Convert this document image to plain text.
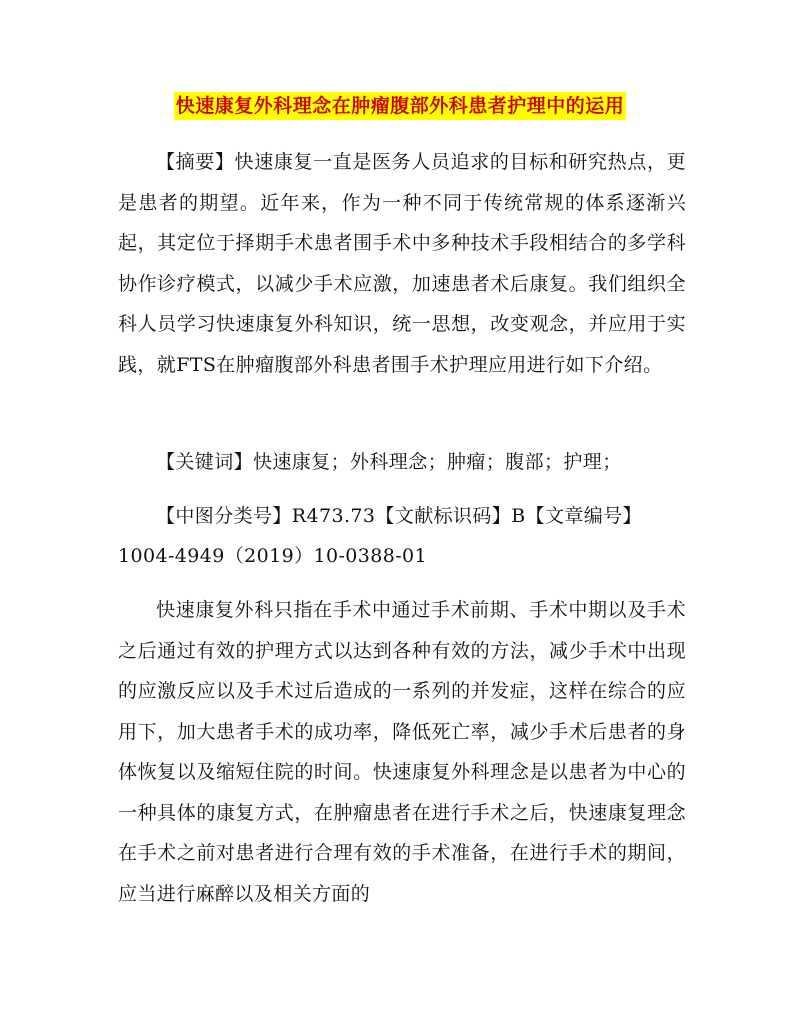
快速康复外科理念在肿瘤腹部外科患者护理中的运用
【摘要】快速康复一直是医务人员追求的目标和研究热点，更是患者的期望。近年来，作为一种不同于传统常规的体系逐渐兴起，其定位于择期手术患者围手术中多种技术手段相结合的多学科协作诊疗模式，以减少手术应激，加速患者术后康复。我们组织全科人员学习快速康复外科知识，统一思想，改变观念，并应用于实践，就FTS在肿瘤腹部外科患者围手术护理应用进行如下介绍。
【关键词】快速康复；外科理念；肿瘤；腹部；护理；
【中图分类号】R473.73【文献标识码】B【文章编号】
1004-4949（2019）10-0388-01
快速康复外科只指在手术中通过手术前期、手术中期以及手术之后通过有效的护理方式以达到各种有效的方法，减少手术中出现的应激反应以及手术过后造成的一系列的并发症，这样在综合的应用下，加大患者手术的成功率，降低死亡率，减少手术后患者的身体恢复以及缩短住院的时间。快速康复外科理念是以患者为中心的一种具体的康复方式，在肿瘤患者在进行手术之后，快速康复理念在手术之前对患者进行合理有效的手术准备，在进行手术的期间，应当进行麻醉以及相关方面的
